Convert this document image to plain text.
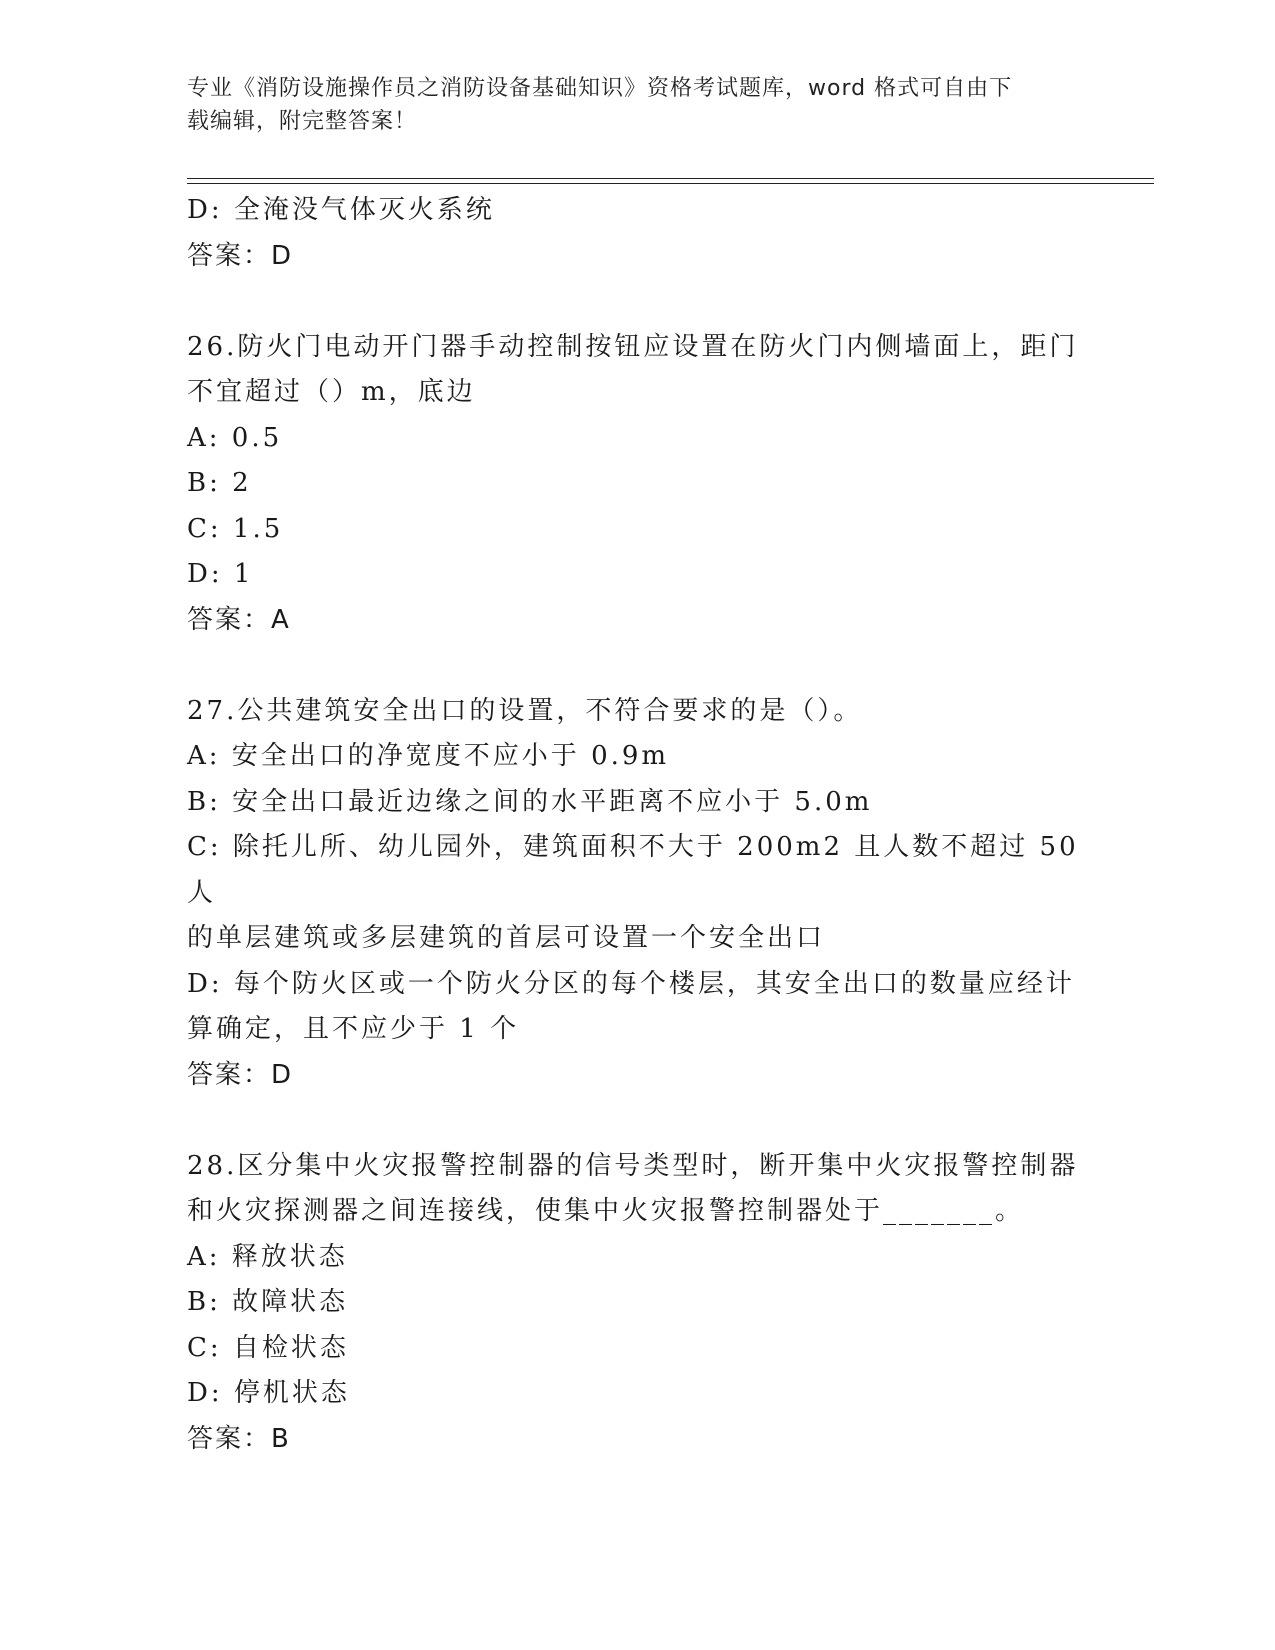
专业《消防设施操作员之消防设备基础知识》资格考试题库，word 格式可自由下
载编辑，附完整答案！
D: 全淹没气体灭火系统
答案：D
26.防火门电动开门器手动控制按钮应设置在防火门内侧墙面上，距门
不宜超过（）m，底边
A: 0.5
B: 2
C: 1.5
D: 1
答案：A
27.公共建筑安全出口的设置，不符合要求的是（）。
A: 安全出口的净宽度不应小于 0.9m
B: 安全出口最近边缘之间的水平距离不应小于 5.0m
C: 除托儿所、幼儿园外，建筑面积不大于 200m2 且人数不超过 50 人
的单层建筑或多层建筑的首层可设置一个安全出口
D: 每个防火区或一个防火分区的每个楼层，其安全出口的数量应经计
算确定，且不应少于 1 个
答案：D
28.区分集中火灾报警控制器的信号类型时，断开集中火灾报警控制器
和火灾探测器之间连接线，使集中火灾报警控制器处于_______。
A: 释放状态
B: 故障状态
C: 自检状态
D: 停机状态
答案：B
